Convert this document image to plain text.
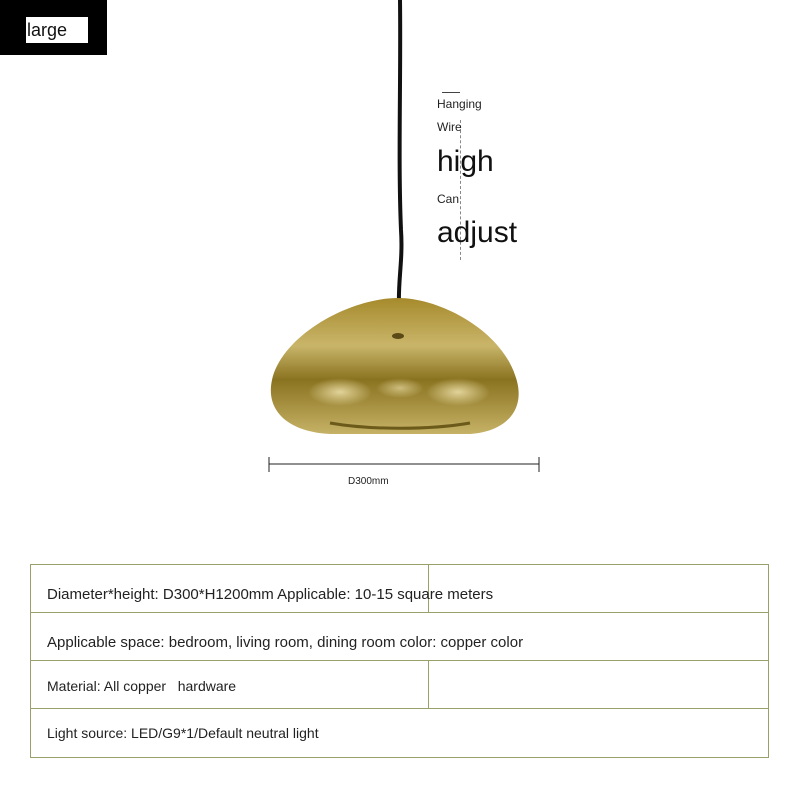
large
Hanging
Wire
high
Can
adjust
D300mm
Diameter*height: D300*H1200mm Applicable: 10-15 square meters
Applicable space: bedroom, living room, dining room color: copper color
Material: All copper   hardware
Light source: LED/G9*1/Default neutral light
